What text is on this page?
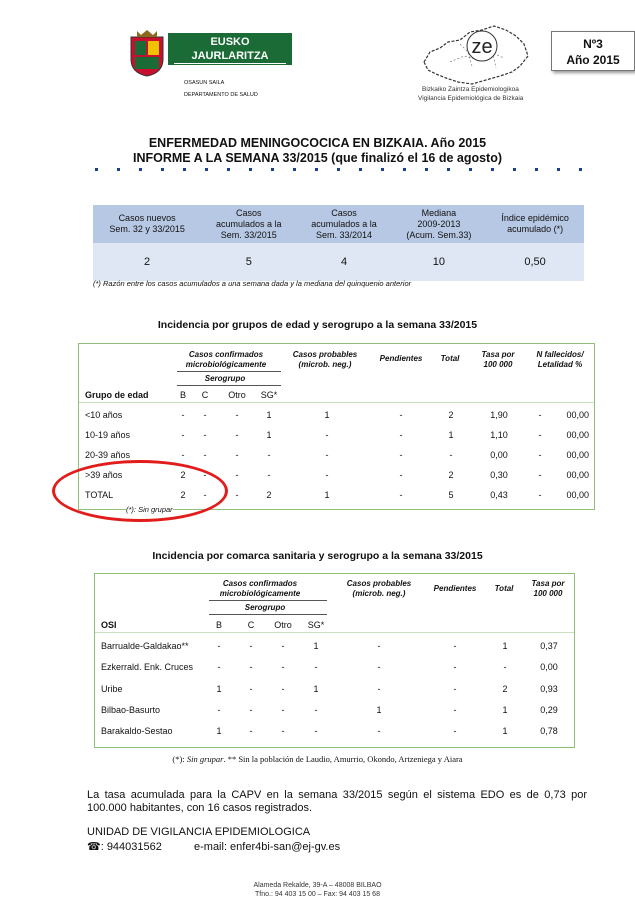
EUSKO JAURLARITZA
GOBIERNO VASCO
OSASUN SAILA
DEPARTAMENTO DE SALUD
ze
Bizkaiko Zaintza Epidemiologikoa
Vigilancia Epidemiológica de Bizkaia
Nº3
Año 2015
ENFERMEDAD MENINGOCOCICA EN BIZKAIA. Año 2015
INFORME A LA SEMANA 33/2015 (que finalizó el 16 de agosto)
Casos nuevos
Sem. 32 y 33/2015	Casos
acumulados a la
Sem. 33/2015	Casos
acumulados a la
Sem. 33/2014	Mediana
2009-2013
(Acum. Sem.33)	Índice epidémico
acumulado (*)
2	5	4	10	0,50
(*) Razón entre los casos acumulados a una semana dada y la mediana del quinquenio anterior
Incidencia por grupos de edad y serogrupo a la semana 33/2015
Casos confirmados
microbiológicamente
Serogrupo
Casos probables
(microb. neg.)
Pendientes	Total	Tasa por
100 000
N fallecidos/
Letalidad %
Grupo de edad	B	C	Otro	SG*
<10 años	-	-	-	1	1	-	2	1,90	-	00,00
10-19 años	-	-	-	1	-	-	1	1,10	-	00,00
20-39 años	-	-	-	-	-	-	-	0,00	-	00,00
>39 años	2	-	-	-	-	-	2	0,30	-	00,00
TOTAL	2	-	-	2	1	-	5	0,43	-	00,00
(*): Sin grupar
Incidencia por comarca sanitaria y serogrupo a la semana 33/2015
Casos confirmados
microbiológicamente
Serogrupo
Casos probables
(microb. neg.)
Pendientes	Total
Tasa por
100 000
OSI	B	C	Otro	SG*
Barrualde-Galdakao**	-	-	-	1	-	-	1	0,37
Ezkerrald. Enk. Cruces	-	-	-	-	-	-	-	0,00
Uribe	1	-	-	1	-	-	2	0,93
Bilbao-Basurto	-	-	-	-	1	-	1	0,29
Barakaldo-Sestao	1	-	-	-	-	-	1	0,78
(*): Sin grupar. ** Sin la población de Laudio, Amurrio, Okondo, Artzeniega y Aiara
La tasa acumulada para la CAPV en la semana 33/2015 según el sistema EDO es de 0,73 por 100.000 habitantes, con 16 casos registrados.
UNIDAD DE VIGILANCIA EPIDEMIOLOGICA
☎: 944031562	e-mail: enfer4bi-san@ej-gv.es
Alameda Rekalde, 39-A – 48008 BILBAO
Tfno.: 94 403 15 00 – Fax: 94 403 15 68
